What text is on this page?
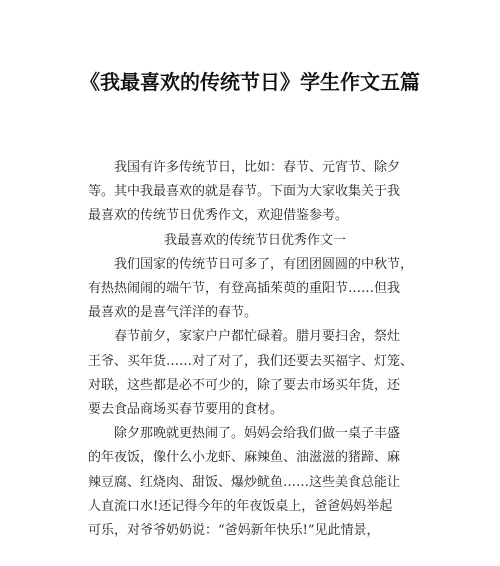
《我最喜欢的传统节日》学生作文五篇
我国有许多传统节日，比如：春节、元宵节、除夕
等。其中我最喜欢的就是春节。下面为大家收集关于我
最喜欢的传统节日优秀作文，欢迎借鉴参考。
我最喜欢的传统节日优秀作文一
我们国家的传统节日可多了，有团团圆圆的中秋节，
有热热闹闹的端午节，有登高插茱萸的重阳节……但我
最喜欢的是喜气洋洋的春节。
春节前夕，家家户户都忙碌着。腊月要扫舍，祭灶
王爷、买年货……对了对了，我们还要去买福字、灯笼、
对联，这些都是必不可少的，除了要去市场买年货，还
要去食品商场买春节要用的食材。
除夕那晚就更热闹了。妈妈会给我们做一桌子丰盛
的年夜饭，像什么小龙虾、麻辣鱼、油滋滋的猪蹄、麻
辣豆腐、红烧肉、甜饭、爆炒鱿鱼……这些美食总能让
人直流口水!还记得今年的年夜饭桌上，爸爸妈妈举起
可乐，对爷爷奶奶说：“爸妈新年快乐!”见此情景，
